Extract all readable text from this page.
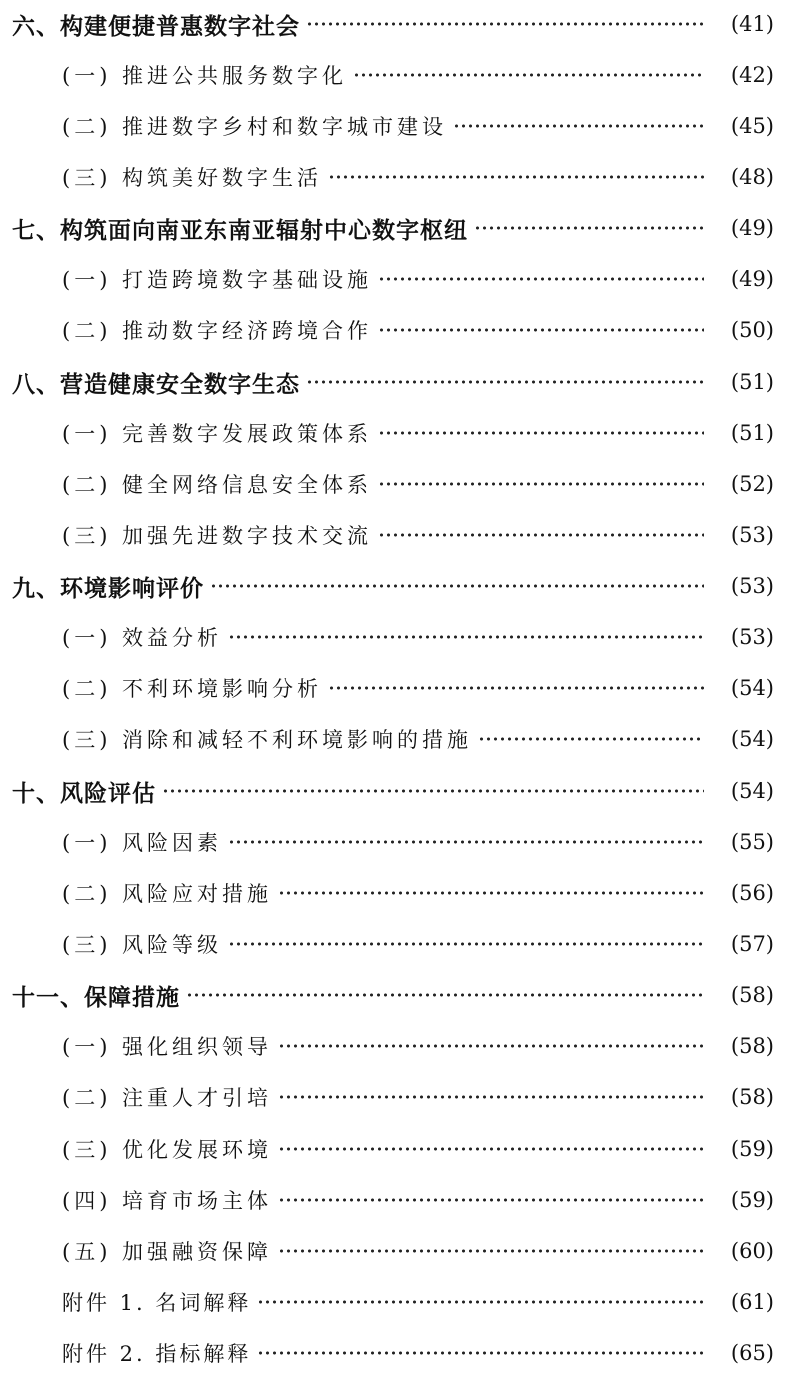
六、构建便捷普惠数字社会	(41)
(一) 推进公共服务数字化	(42)
(二) 推进数字乡村和数字城市建设	(45)
(三) 构筑美好数字生活	(48)
七、构筑面向南亚东南亚辐射中心数字枢纽	(49)
(一) 打造跨境数字基础设施	(49)
(二) 推动数字经济跨境合作	(50)
八、营造健康安全数字生态	(51)
(一) 完善数字发展政策体系	(51)
(二) 健全网络信息安全体系	(52)
(三) 加强先进数字技术交流	(53)
九、环境影响评价	(53)
(一) 效益分析	(53)
(二) 不利环境影响分析	(54)
(三) 消除和减轻不利环境影响的措施	(54)
十、风险评估	(54)
(一) 风险因素	(55)
(二) 风险应对措施	(56)
(三) 风险等级	(57)
十一、保障措施	(58)
(一) 强化组织领导	(58)
(二) 注重人才引培	(58)
(三) 优化发展环境	(59)
(四) 培育市场主体	(59)
(五) 加强融资保障	(60)
附件 1. 名词解释	(61)
附件 2. 指标解释	(65)
